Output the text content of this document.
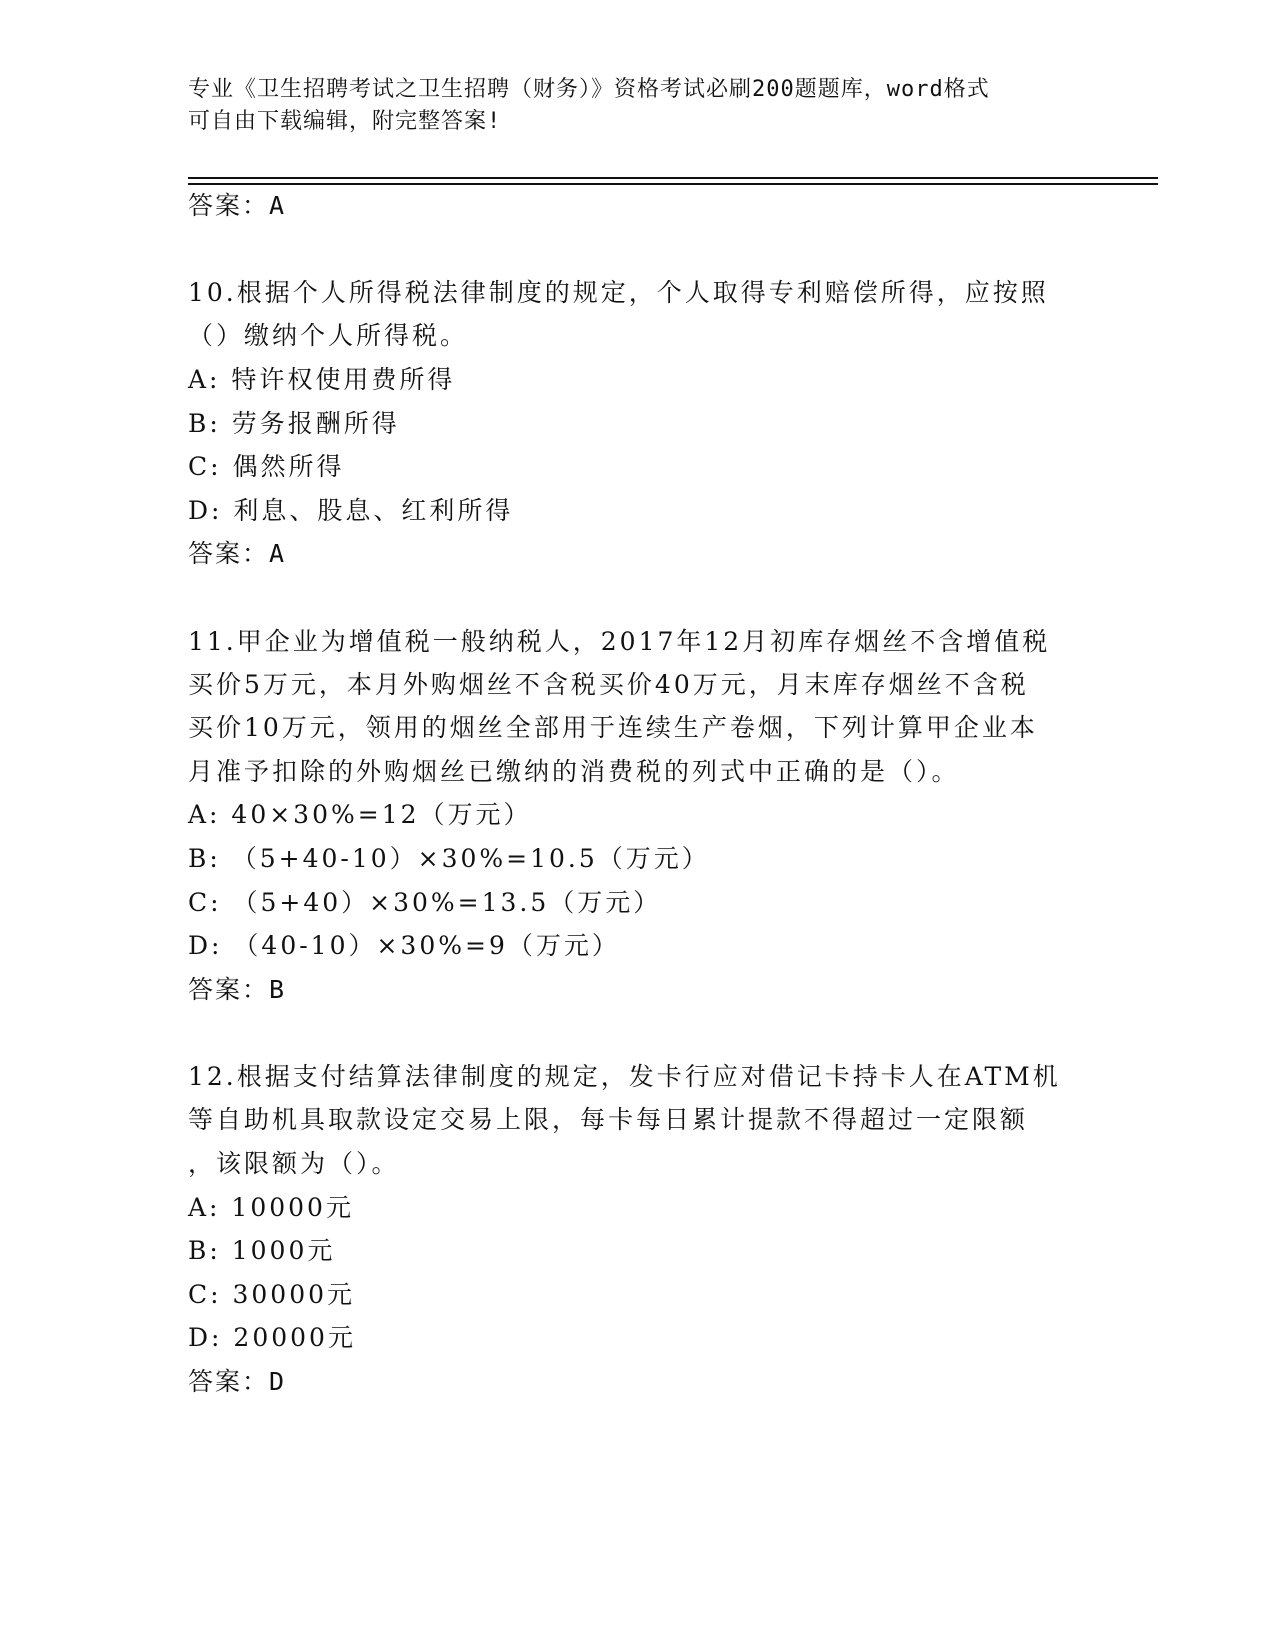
专业《卫生招聘考试之卫生招聘（财务）》资格考试必刷200题题库，word格式
可自由下载编辑，附完整答案!
答案：A
10.根据个人所得税法律制度的规定，个人取得专利赔偿所得，应按照
（）缴纳个人所得税。
A: 特许权使用费所得
B: 劳务报酬所得
C: 偶然所得
D: 利息、股息、红利所得
答案：A
11.甲企业为增值税一般纳税人，2017年12月初库存烟丝不含增值税
买价5万元，本月外购烟丝不含税买价40万元，月末库存烟丝不含税
买价10万元，领用的烟丝全部用于连续生产卷烟，下列计算甲企业本
月准予扣除的外购烟丝已缴纳的消费税的列式中正确的是（）。
A: 40×30%=12（万元）
B: （5+40-10）×30%=10.5（万元）
C: （5+40）×30%=13.5（万元）
D: （40-10）×30%=9（万元）
答案：B
12.根据支付结算法律制度的规定，发卡行应对借记卡持卡人在ATM机
等自助机具取款设定交易上限，每卡每日累计提款不得超过一定限额
，该限额为（）。
A: 10000元
B: 1000元
C: 30000元
D: 20000元
答案：D
